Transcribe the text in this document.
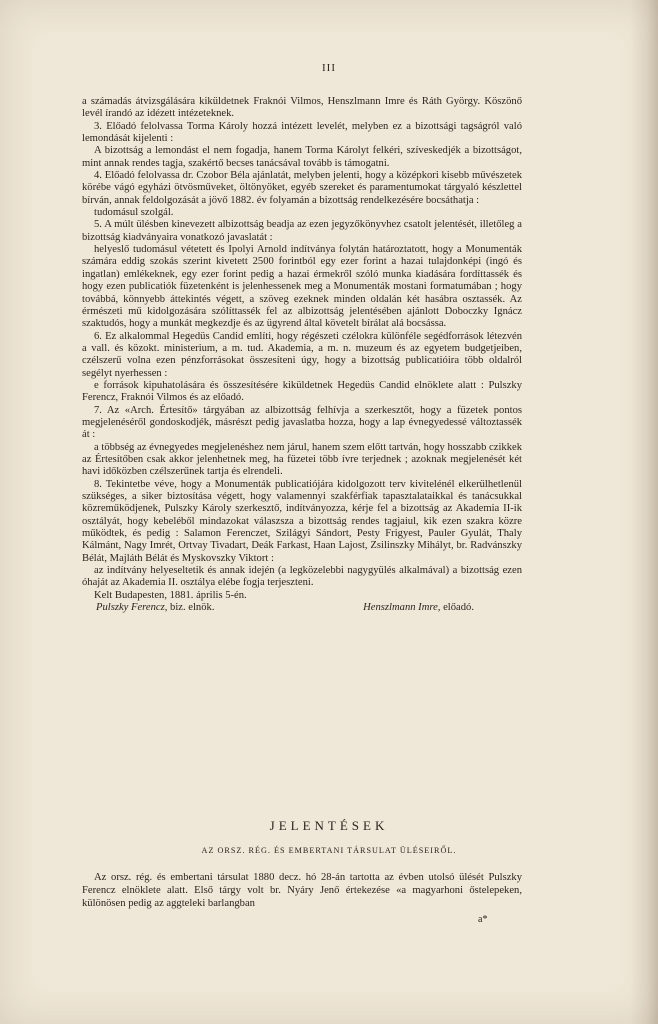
III

a számadás átvizsgálására kiküldetnek Fraknói Vilmos, Henszlmann Imre és Ráth György. Köszönő levél írandó az idézett intézeteknek.

3. Előadó felolvassa Torma Károly hozzá intézett levelét, melyben ez a bizottsági tagságról való lemondását kijelenti :

A bizottság a lemondást el nem fogadja, hanem Torma Károlyt felkéri, szíveskedjék a bizottságot, mint annak rendes tagja, szakértő becses tanácsával tovább is támogatni.

4. Előadó felolvassa dr. Czobor Béla ajánlatát, melyben jelenti, hogy a középkori kisebb művészetek körébe vágó egyházi ötvösműveket, öltönyöket, egyéb szereket és paramentumokat tárgyaló készlettel bírván, annak feldolgozását a jövő 1882. év folyamán a bizottság rendelkezésére bocsáthatja :

tudomásul szolgál.

5. A múlt ülésben kinevezett albizottság beadja az ezen jegyzőkönyvhez csatolt jelentését, illetőleg a bizottság kiadványaira vonatkozó javaslatát :

helyeslő tudomásul vétetett és Ipolyi Arnold indítványa folytán határoztatott, hogy a Monumenták számára eddig szokás szerint kivetett 2500 forintból egy ezer forint a hazai tulajdonképi (ingó és ingatlan) emlékeknek, egy ezer forint pedig a hazai érmekről szóló munka kiadására fordíttassék és hogy ezen publicatiók füzetenként is jelenhessenek meg a Monumenták mostani formatumában ; hogy továbbá, könnyebb áttekintés végett, a szöveg ezeknek minden oldalán két hasábra osztassék. Az érmészeti mű kidolgozására szólíttassék fel az albizottság jelentésében ajánlott Doboczky Ignácz szaktudós, hogy a munkát megkezdje és az ügyrend által követelt bírálat alá bocsássa.

6. Ez alkalommal Hegedüs Candid említi, hogy régészeti czélokra különféle segédforrások létezvén a vall. és közokt. ministerium, a m. tud. Akademia, a m. n. muzeum és az egyetem budgetjeiben, czélszerű volna ezen pénzforrásokat összesíteni úgy, hogy a bizottság publicatióira több oldalról segélyt nyerhessen :

e források kipuhatolására és összesítésére kiküldetnek Hegedüs Candid elnöklete alatt : Pulszky Ferencz, Fraknói Vilmos és az előadó.

7. Az «Arch. Értesítő» tárgyában az albizottság felhívja a szerkesztőt, hogy a füzetek pontos megjelenéséről gondoskodjék, másrészt pedig javaslatba hozza, hogy a lap évnegyedessé változtassék át :

a többség az évnegyedes megjelenéshez nem járul, hanem szem előtt tartván, hogy hosszabb czikkek az Értesítőben csak akkor jelenhetnek meg, ha füzetei több ívre terjednek ; azoknak megjelenését két havi időközben czélszerűnek tartja és elrendeli.

8. Tekintetbe véve, hogy a Monumenták publicatiójára kidolgozott terv kivitelénél elkerülhetlenül szükséges, a siker biztosítása végett, hogy valamennyi szakférfiak tapasztalataikkal és tanácsukkal közreműködjenek, Pulszky Károly szerkesztő, indítványozza, kérje fel a bizottság az Akademia II-ik osztályát, hogy kebeléből mindazokat válaszsza a bizottság rendes tagjaiul, kik ezen szakra közre működtek, és pedig : Salamon Ferenczet, Szilágyi Sándort, Pesty Frigyest, Pauler Gyulát, Thaly Kálmánt, Nagy Imrét, Ortvay Tivadart, Deák Farkast, Haan Lajost, Zsilinszky Mihályt, br. Radvánszky Bélát, Majláth Bélát és Myskovszky Viktort :

az indítvány helyeseltetik és annak idején (a legközelebbi nagygyülés alkalmával) a bizottság ezen óhaját az Akademia II. osztálya elébe fogja terjeszteni.

Kelt Budapesten, 1881. április 5-én.

Pulszky Ferencz, biz. elnök.	Henszlmann Imre, előadó.
JELENTÉSEK
AZ ORSZ. RÉG. ÉS EMBERTANI TÁRSULAT ÜLÉSEIRŐL.

Az orsz. rég. és embertani társulat 1880 decz. hó 28-án tartotta az évben utolsó ülését Pulszky Ferencz elnöklete alatt. Első tárgy volt br. Nyáry Jenő értekezése «a magyarhoni őstelepeken, különösen pedig az aggteleki barlangban

a*
